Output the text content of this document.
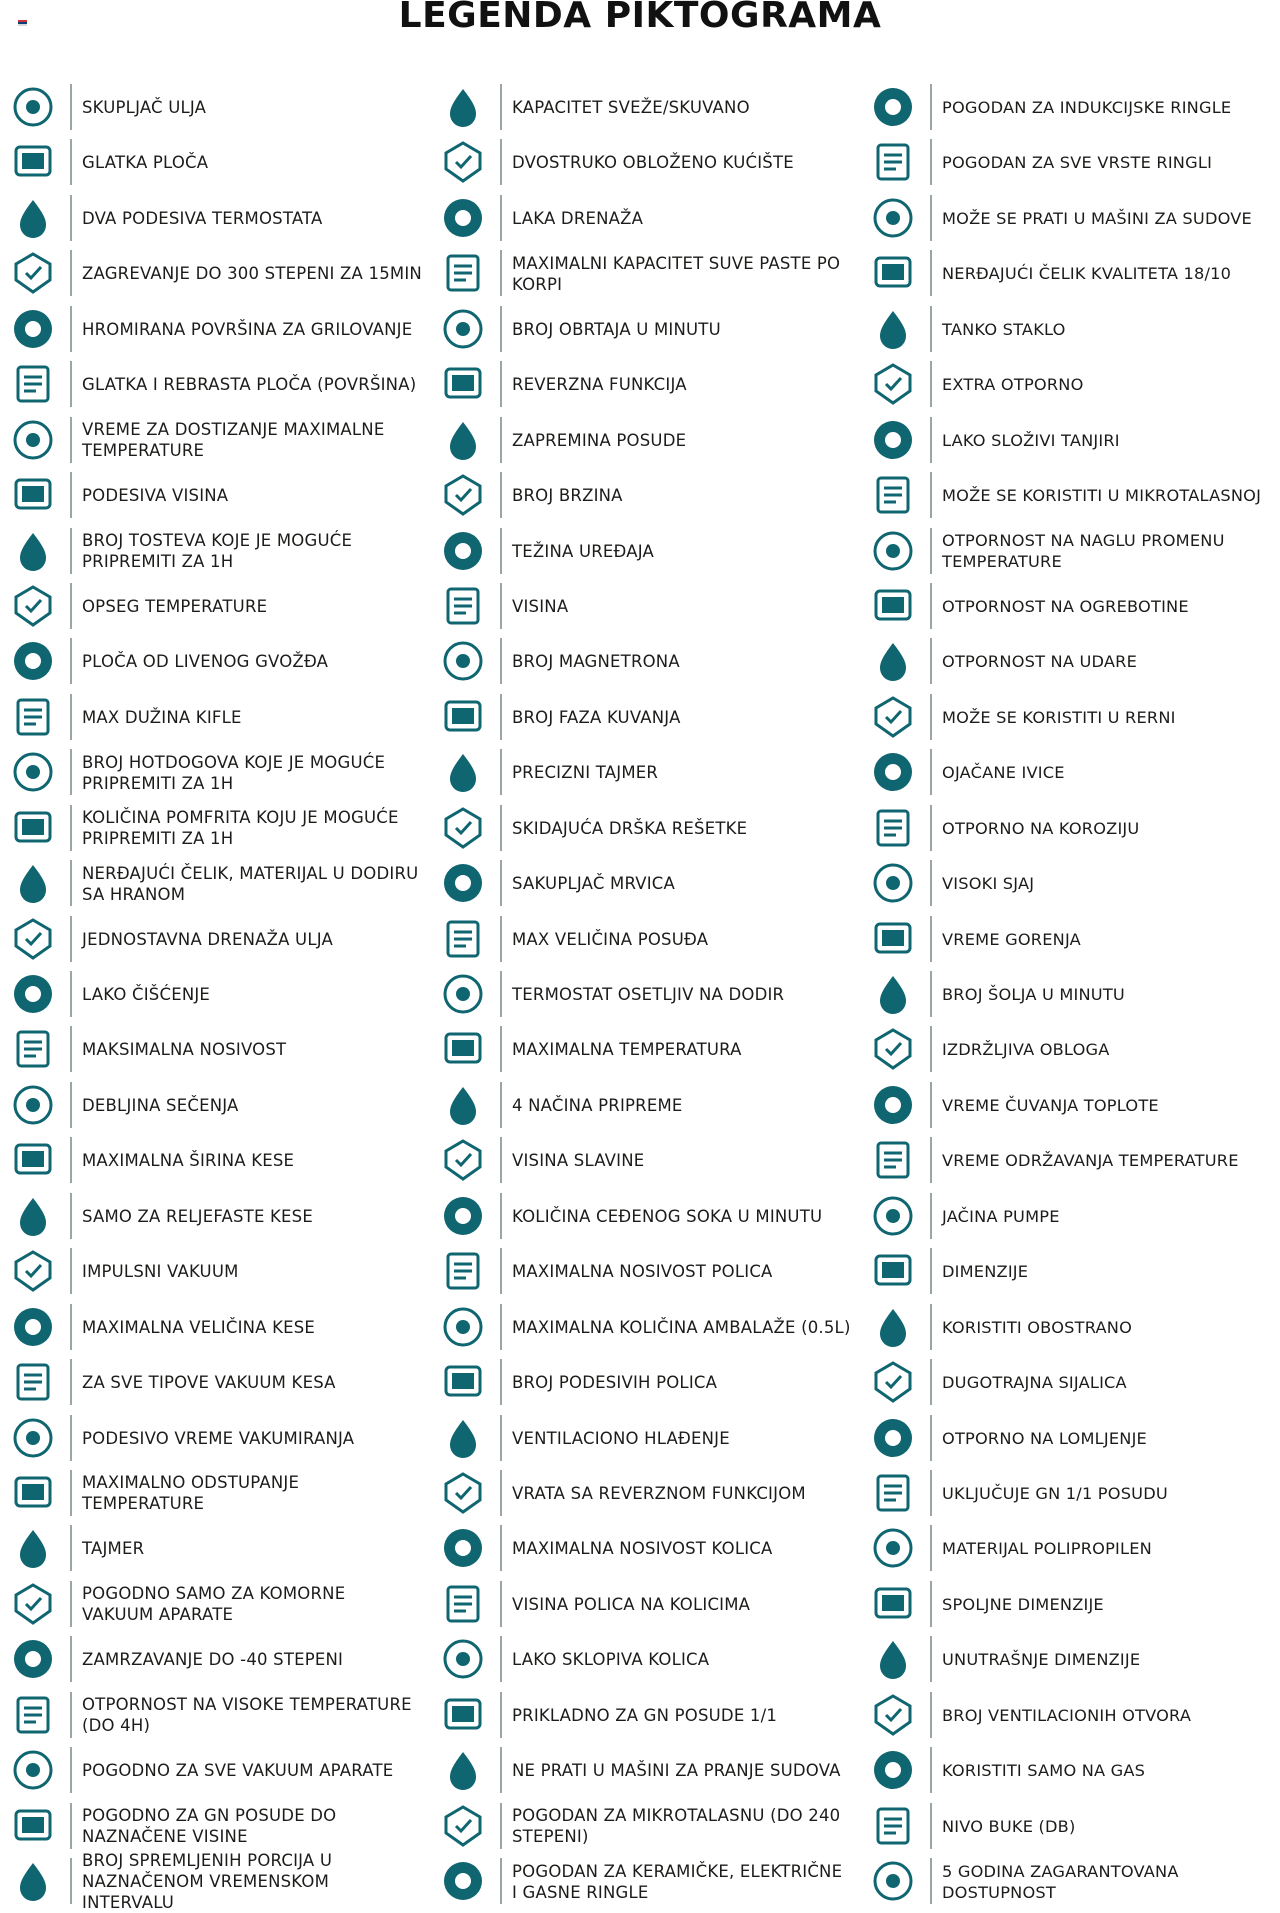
LEGENDA PIKTOGRAMA
SKUPLJAČ ULJA
GLATKA PLOČA
DVA PODESIVA TERMOSTATA
ZAGREVANJE DO 300 STEPENI ZA 15MIN
HROMIRANA POVRŠINA ZA GRILOVANJE
GLATKA I REBRASTA PLOČA (POVRŠINA)
VREME ZA DOSTIZANJE MAXIMALNE TEMPERATURE
PODESIVA VISINA
BROJ TOSTEVA KOJE JE MOGUĆE PRIPREMITI ZA 1H
OPSEG TEMPERATURE
PLOČA OD LIVENOG GVOŽĐA
MAX DUŽINA KIFLE
BROJ HOTDOGOVA KOJE JE MOGUĆE PRIPREMITI ZA 1H
KOLIČINA POMFRITA KOJU JE MOGUĆE PRIPREMITI ZA 1H
NERĐAJUĆI ČELIK, MATERIJAL U DODIRU SA HRANOM
JEDNOSTAVNA DRENAŽA ULJA
LAKO ČIŠĆENJE
MAKSIMALNA NOSIVOST
DEBLJINA SEČENJA
MAXIMALNA ŠIRINA KESE
SAMO ZA RELJEFASTE KESE
IMPULSNI VAKUUM
MAXIMALNA VELIČINA KESE
ZA SVE TIPOVE VAKUUM KESA
PODESIVO VREME VAKUMIRANJA
MAXIMALNO ODSTUPANJE TEMPERATURE
TAJMER
POGODNO SAMO ZA KOMORNE VAKUUM APARATE
ZAMRZAVANJE DO -40 STEPENI
OTPORNOST NA VISOKE TEMPERATURE (DO 4H)
POGODNO ZA SVE VAKUUM APARATE
POGODNO ZA GN POSUDE DO NAZNAČENE VISINE
BROJ SPREMLJENIH PORCIJA U NAZNAČENOM VREMENSKOM INTERVALU
KAPACITET SVEŽE/SKUVANO
DVOSTRUKO OBLOŽENO KUĆIŠTE
LAKA DRENAŽA
MAXIMALNI KAPACITET SUVE PASTE PO KORPI
BROJ OBRTAJA U MINUTU
REVERZNA FUNKCIJA
ZAPREMINA POSUDE
BROJ BRZINA
TEŽINA UREĐAJA
VISINA
BROJ MAGNETRONA
BROJ FAZA KUVANJA
PRECIZNI TAJMER
SKIDAJUĆA DRŠKA REŠETKE
SAKUPLJAČ MRVICA
MAX VELIČINA POSUĐA
TERMOSTAT OSETLJIV NA DODIR
MAXIMALNA TEMPERATURA
4 NAČINA PRIPREME
VISINA SLAVINE
KOLIČINA CEĐENOG SOKA U MINUTU
MAXIMALNA NOSIVOST POLICA
MAXIMALNA KOLIČINA AMBALAŽE (0.5L)
BROJ PODESIVIH POLICA
VENTILACIONO HLAĐENJE
VRATA SA REVERZNOM FUNKCIJOM
MAXIMALNA NOSIVOST KOLICA
VISINA POLICA NA KOLICIMA
LAKO SKLOPIVA KOLICA
PRIKLADNO ZA GN POSUDE 1/1
NE PRATI U MAŠINI ZA PRANJE SUDOVA
POGODAN ZA MIKROTALASNU (DO 240 STEPENI)
POGODAN ZA KERAMIČKE, ELEKTRIČNE I GASNE RINGLE
POGODAN ZA INDUKCIJSKE RINGLE
POGODAN ZA SVE VRSTE RINGLI
MOŽE SE PRATI U MAŠINI ZA SUDOVE
NERĐAJUĆI ČELIK KVALITETA 18/10
TANKO STAKLO
EXTRA OTPORNO
LAKO SLOŽIVI TANJIRI
MOŽE SE KORISTITI U MIKROTALASNOJ
OTPORNOST NA NAGLU PROMENU TEMPERATURE
OTPORNOST NA OGREBOTINE
OTPORNOST NA UDARE
MOŽE SE KORISTITI U RERNI
OJAČANE IVICE
OTPORNO NA KOROZIJU
VISOKI SJAJ
VREME GORENJA
BROJ ŠOLJA U MINUTU
IZDRŽLJIVA OBLOGA
VREME ČUVANJA TOPLOTE
VREME ODRŽAVANJA TEMPERATURE
JAČINA PUMPE
DIMENZIJE
KORISTITI OBOSTRANO
DUGOTRAJNA SIJALICA
OTPORNO NA LOMLJENJE
UKLJUČUJE GN 1/1 POSUDU
MATERIJAL POLIPROPILEN
SPOLJNE DIMENZIJE
UNUTRAŠNJE DIMENZIJE
BROJ VENTILACIONIH OTVORA
KORISTITI SAMO NA GAS
NIVO BUKE (DB)
5 GODINA ZAGARANTOVANA DOSTUPNOST
